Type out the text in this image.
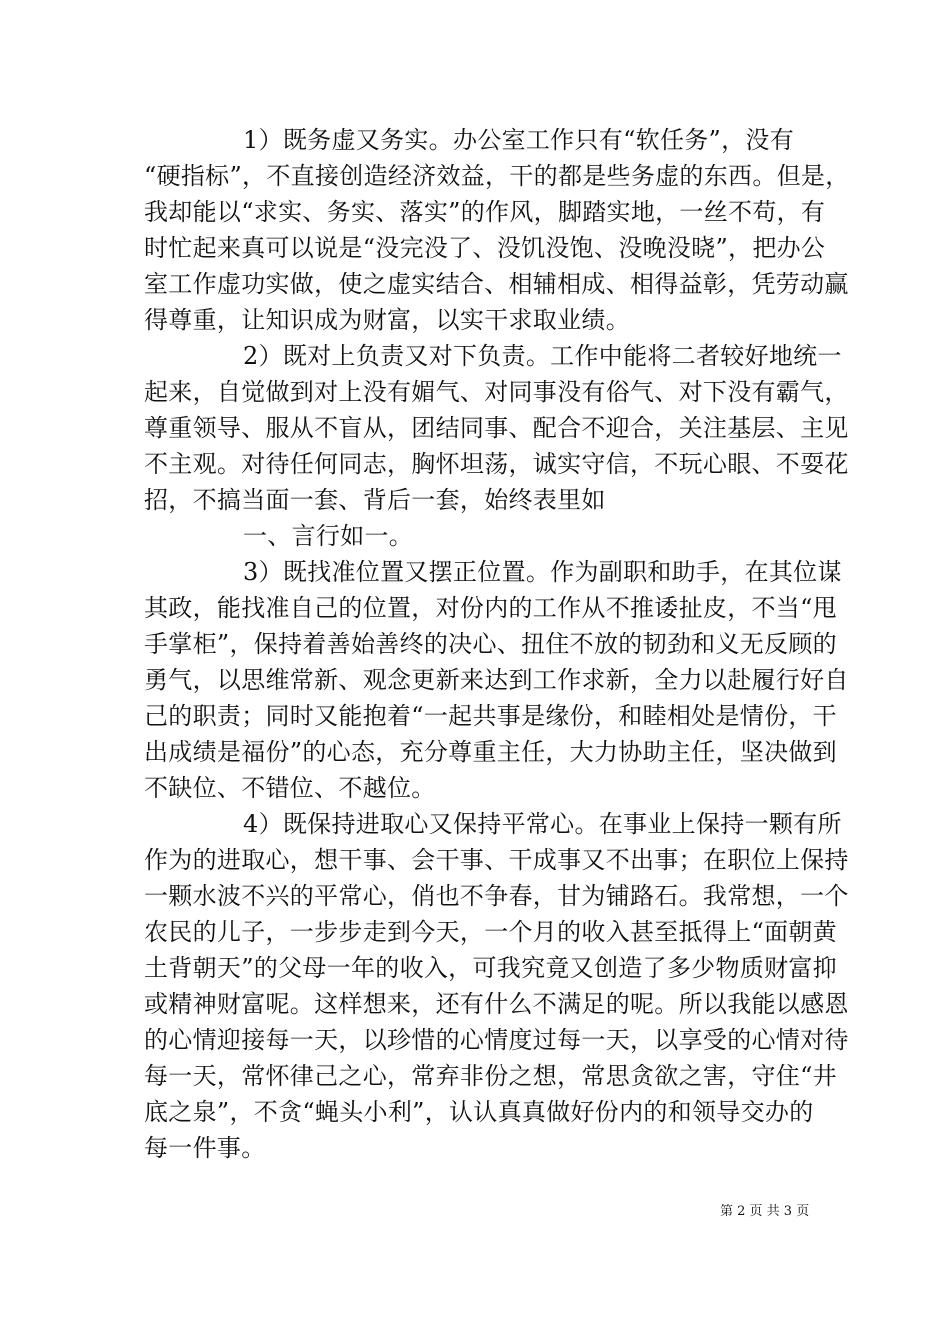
1）既务虚又务实。办公室工作只有“软任务”，没有
“硬指标”，不直接创造经济效益，干的都是些务虚的东西。但是，
我却能以“求实、务实、落实”的作风，脚踏实地，一丝不苟，有
时忙起来真可以说是“没完没了、没饥没饱、没晚没晓”，把办公
室工作虚功实做，使之虚实结合、相辅相成、相得益彰，凭劳动赢
得尊重，让知识成为财富，以实干求取业绩。
2）既对上负责又对下负责。工作中能将二者较好地统一
起来，自觉做到对上没有媚气、对同事没有俗气、对下没有霸气，
尊重领导、服从不盲从，团结同事、配合不迎合，关注基层、主见
不主观。对待任何同志，胸怀坦荡，诚实守信，不玩心眼、不耍花
招，不搞当面一套、背后一套，始终表里如
一、言行如一。
3）既找准位置又摆正位置。作为副职和助手，在其位谋
其政，能找准自己的位置，对份内的工作从不推诿扯皮，不当“甩
手掌柜”，保持着善始善终的决心、扭住不放的韧劲和义无反顾的
勇气，以思维常新、观念更新来达到工作求新，全力以赴履行好自
己的职责；同时又能抱着“一起共事是缘份，和睦相处是情份，干
出成绩是福份”的心态，充分尊重主任，大力协助主任，坚决做到
不缺位、不错位、不越位。
4）既保持进取心又保持平常心。在事业上保持一颗有所
作为的进取心，想干事、会干事、干成事又不出事；在职位上保持
一颗水波不兴的平常心，俏也不争春，甘为铺路石。我常想，一个
农民的儿子，一步步走到今天，一个月的收入甚至抵得上“面朝黄
土背朝天”的父母一年的收入，可我究竟又创造了多少物质财富抑
或精神财富呢。这样想来，还有什么不满足的呢。所以我能以感恩
的心情迎接每一天，以珍惜的心情度过每一天，以享受的心情对待
每一天，常怀律己之心，常弃非份之想，常思贪欲之害，守住“井
底之泉”，不贪“蝇头小利”，认认真真做好份内的和领导交办的
每一件事。
第 2 页 共 3 页
